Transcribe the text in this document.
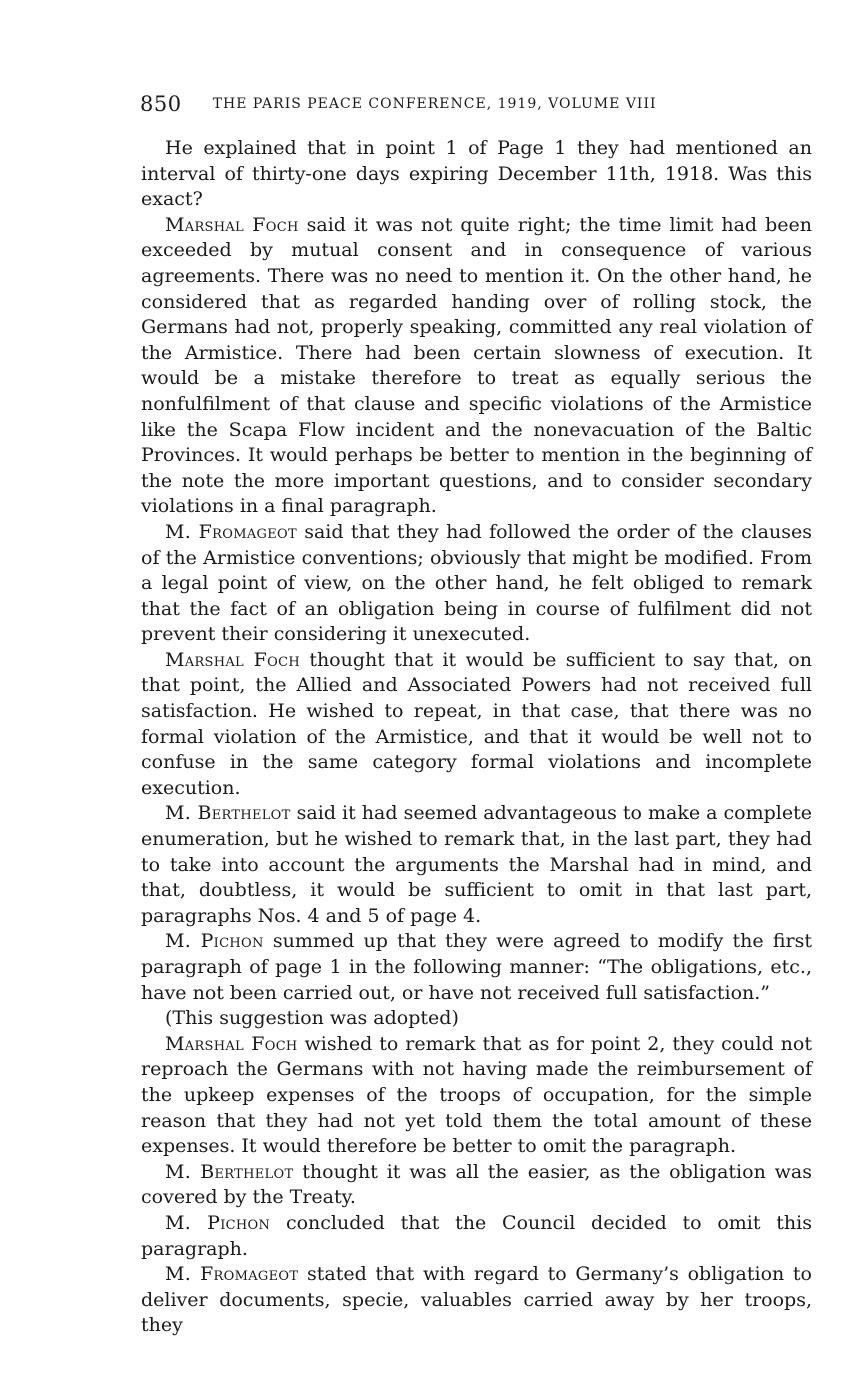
850 THE PARIS PEACE CONFERENCE, 1919, VOLUME VIII

He explained that in point 1 of Page 1 they had mentioned an interval of thirty-one days expiring December 11th, 1918. Was this exact?

Marshal Foch said it was not quite right; the time limit had been exceeded by mutual consent and in consequence of various agreements. There was no need to mention it. On the other hand, he considered that as regarded handing over of rolling stock, the Germans had not, properly speaking, committed any real violation of the Armistice. There had been certain slowness of execution. It would be a mistake therefore to treat as equally serious the nonfulfilment of that clause and specific violations of the Armistice like the Scapa Flow incident and the nonevacuation of the Baltic Provinces. It would perhaps be better to mention in the beginning of the note the more important questions, and to consider secondary violations in a final paragraph.

M. Fromageot said that they had followed the order of the clauses of the Armistice conventions; obviously that might be modified. From a legal point of view, on the other hand, he felt obliged to remark that the fact of an obligation being in course of fulfilment did not prevent their considering it unexecuted.

Marshal Foch thought that it would be sufficient to say that, on that point, the Allied and Associated Powers had not received full satisfaction. He wished to repeat, in that case, that there was no formal violation of the Armistice, and that it would be well not to confuse in the same category formal violations and incomplete execution.

M. Berthelot said it had seemed advantageous to make a complete enumeration, but he wished to remark that, in the last part, they had to take into account the arguments the Marshal had in mind, and that, doubtless, it would be sufficient to omit in that last part, paragraphs Nos. 4 and 5 of page 4.

M. Pichon summed up that they were agreed to modify the first paragraph of page 1 in the following manner: “The obligations, etc., have not been carried out, or have not received full satisfaction.”

(This suggestion was adopted)

Marshal Foch wished to remark that as for point 2, they could not reproach the Germans with not having made the reimbursement of the upkeep expenses of the troops of occupation, for the simple reason that they had not yet told them the total amount of these expenses. It would therefore be better to omit the paragraph.

M. Berthelot thought it was all the easier, as the obligation was covered by the Treaty.

M. Pichon concluded that the Council decided to omit this paragraph.

M. Fromageot stated that with regard to Germany’s obligation to deliver documents, specie, valuables carried away by her troops, they
